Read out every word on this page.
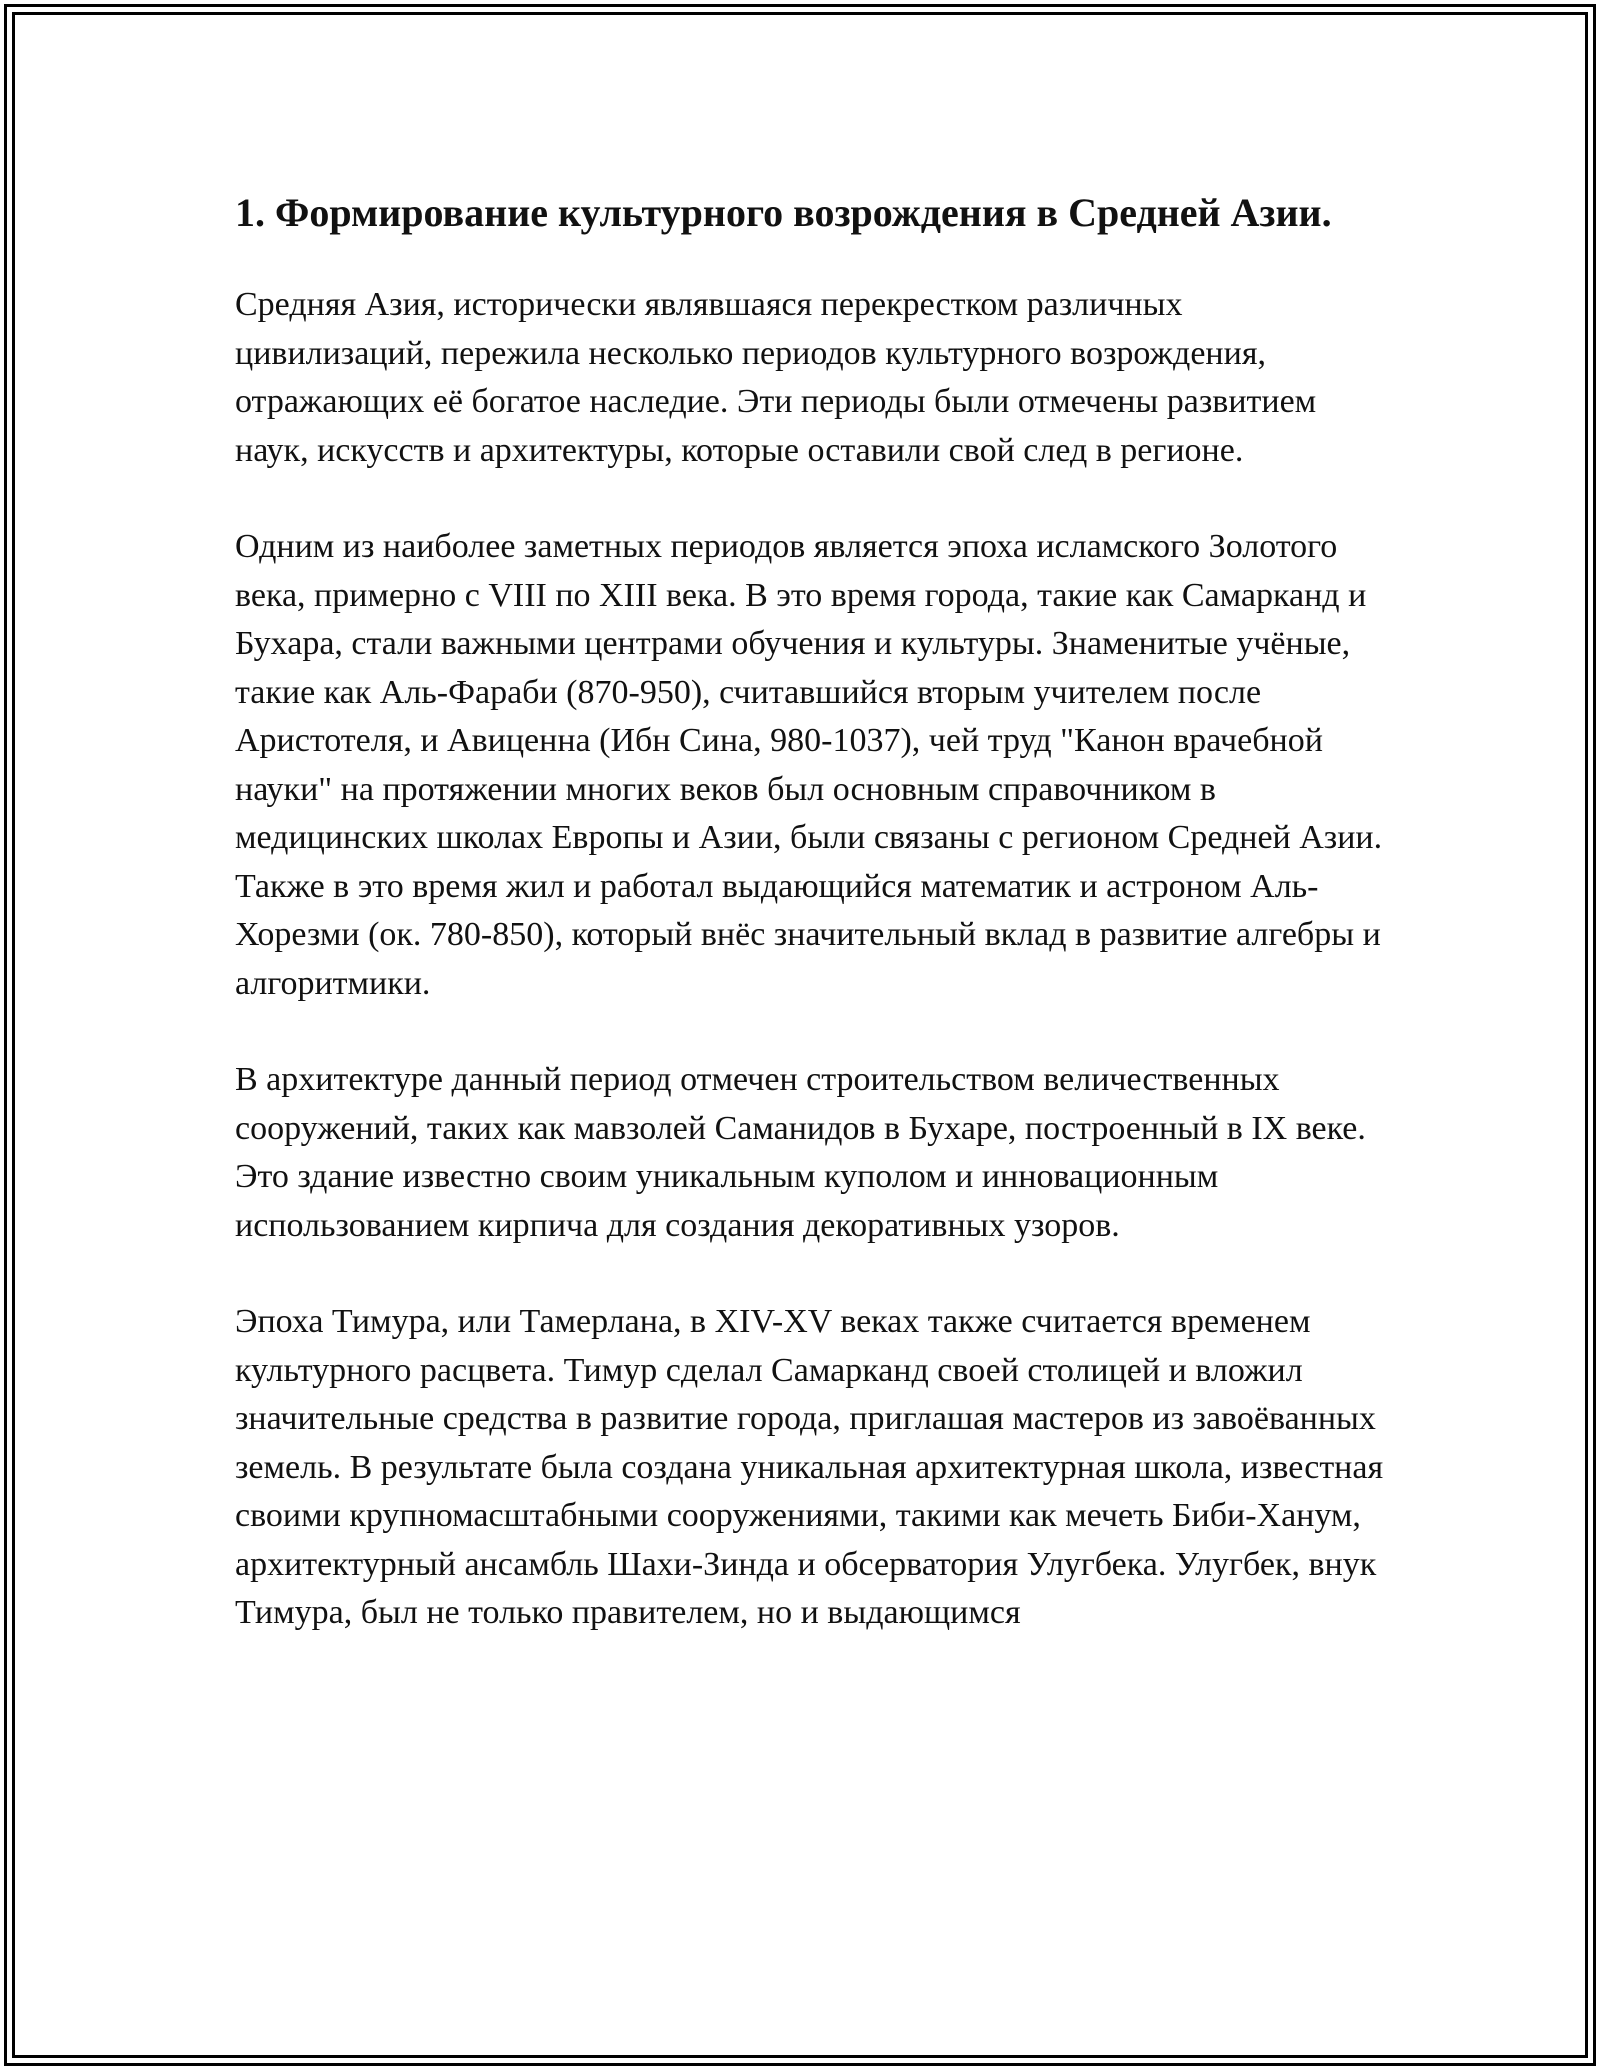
1. Формирование культурного возрождения в Средней Азии.

Средняя Азия, исторически являвшаяся перекрестком различных цивилизаций, пережила несколько периодов культурного возрождения, отражающих её богатое наследие. Эти периоды были отмечены развитием наук, искусств и архитектуры, которые оставили свой след в регионе.

Одним из наиболее заметных периодов является эпоха исламского Золотого века, примерно с VIII по XIII века. В это время города, такие как Самарканд и Бухара, стали важными центрами обучения и культуры. Знаменитые учёные, такие как Аль-Фараби (870-950), считавшийся вторым учителем после Аристотеля, и Авиценна (Ибн Сина, 980-1037), чей труд "Канон врачебной науки" на протяжении многих веков был основным справочником в медицинских школах Европы и Азии, были связаны с регионом Средней Азии. Также в это время жил и работал выдающийся математик и астроном Аль-Хорезми (ок. 780-850), который внёс значительный вклад в развитие алгебры и алгоритмики.

В архитектуре данный период отмечен строительством величественных сооружений, таких как мавзолей Саманидов в Бухаре, построенный в IX веке. Это здание известно своим уникальным куполом и инновационным использованием кирпича для создания декоративных узоров.

Эпоха Тимура, или Тамерлана, в XIV-XV веках также считается временем культурного расцвета. Тимур сделал Самарканд своей столицей и вложил значительные средства в развитие города, приглашая мастеров из завоёванных земель. В результате была создана уникальная архитектурная школа, известная своими крупномасштабными сооружениями, такими как мечеть Биби-Ханум, архитектурный ансамбль Шахи-Зинда и обсерватория Улугбека. Улугбек, внук Тимура, был не только правителем, но и выдающимся
